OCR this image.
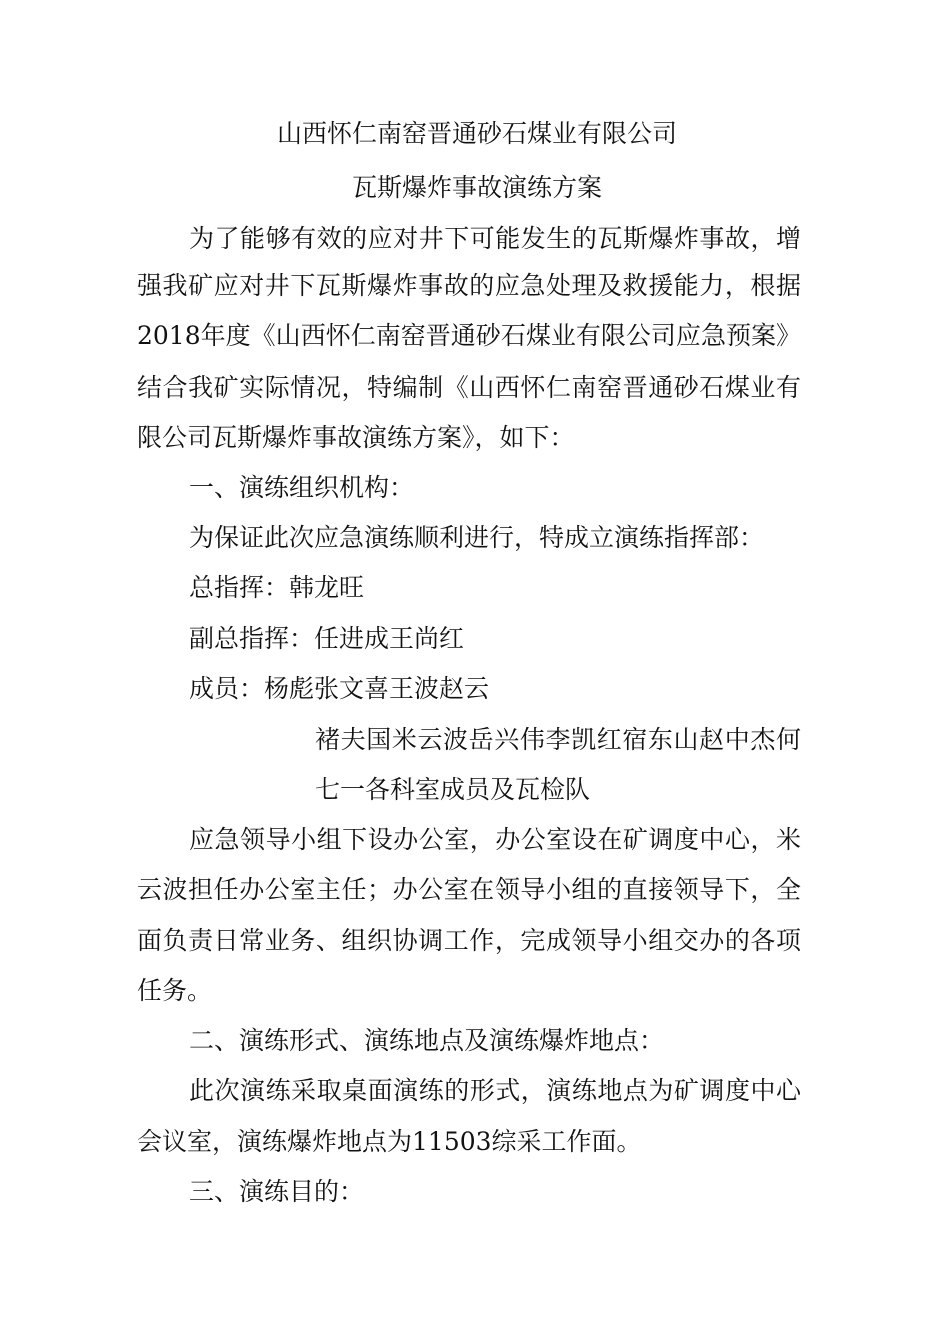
山西怀仁南窑晋通砂石煤业有限公司
瓦斯爆炸事故演练方案
为了能够有效的应对井下可能发生的瓦斯爆炸事故，增
强我矿应对井下瓦斯爆炸事故的应急处理及救援能力，根据
2018年度《山西怀仁南窑晋通砂石煤业有限公司应急预案》
结合我矿实际情况，特编制《山西怀仁南窑晋通砂石煤业有
限公司瓦斯爆炸事故演练方案》，如下：
一、演练组织机构：
为保证此次应急演练顺利进行，特成立演练指挥部：
总指挥：韩龙旺
副总指挥：任进成王尚红
成员：杨彪张文喜王波赵云
褚夫国米云波岳兴伟李凯红宿东山赵中杰何
七一各科室成员及瓦检队
应急领导小组下设办公室，办公室设在矿调度中心，米
云波担任办公室主任；办公室在领导小组的直接领导下，全
面负责日常业务、组织协调工作，完成领导小组交办的各项
任务。
二、演练形式、演练地点及演练爆炸地点：
此次演练采取桌面演练的形式，演练地点为矿调度中心
会议室，演练爆炸地点为11503综采工作面。
三、演练目的：
